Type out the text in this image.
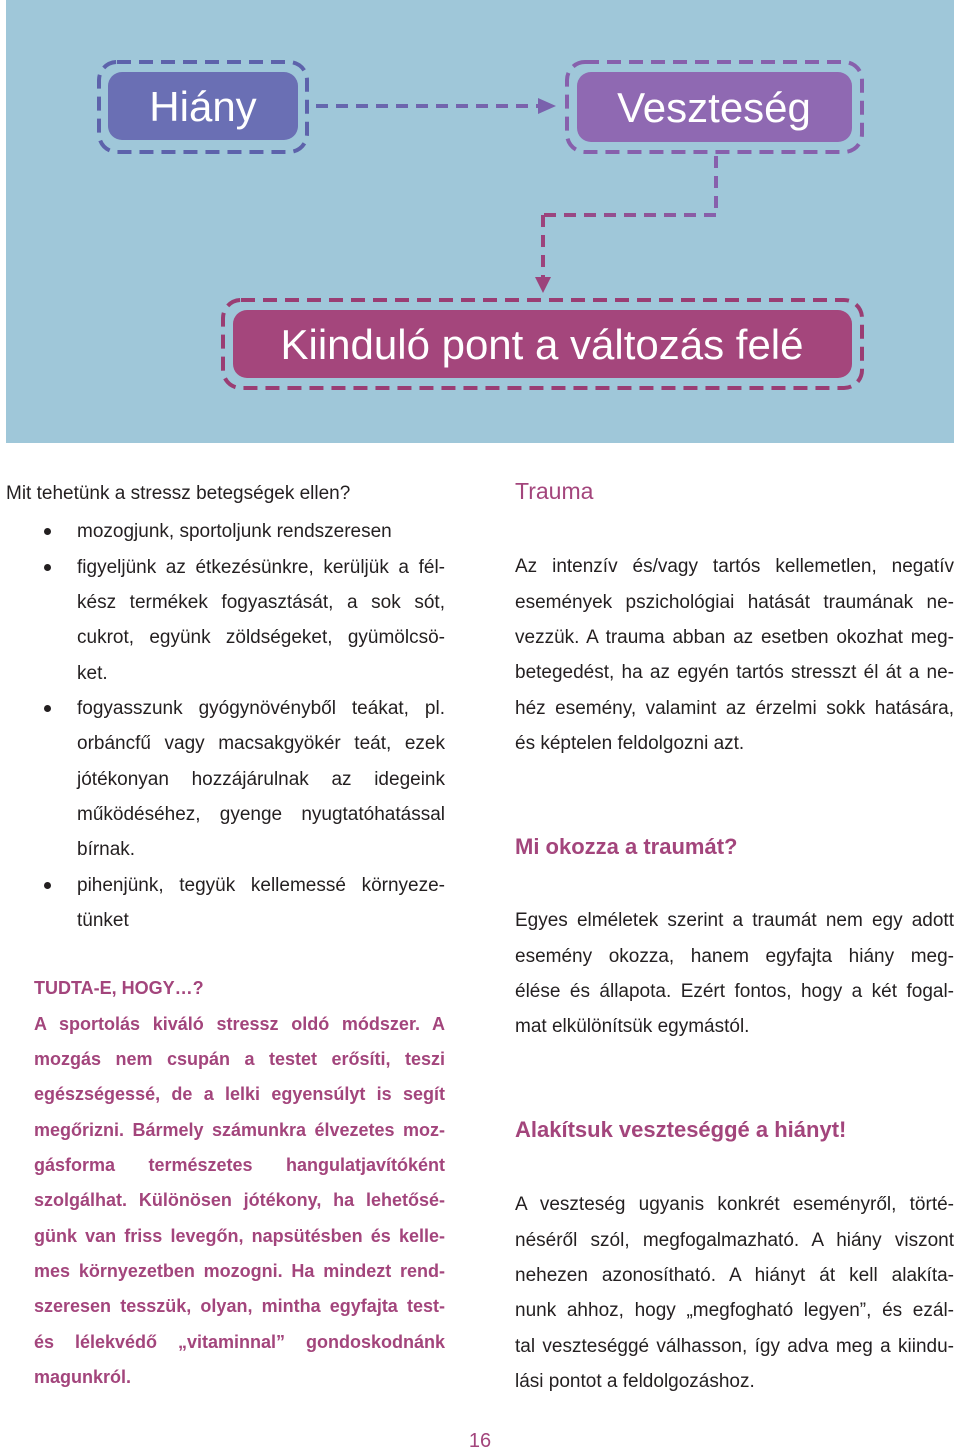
Hiány	Veszteség
Kiinduló pont a változás felé
Mit tehetünk a stressz betegségek ellen?
mozogjunk, sportoljunk rendszeresen
figyeljünk az étkezésünkre, kerüljük a fél-
kész termékek fogyasztását, a sok sót,
cukrot, együnk zöldségeket, gyümölcsö-
ket.
fogyasszunk gyógynövényből teákat, pl.
orbáncfű vagy macsakgyökér teát, ezek
jótékonyan hozzájárulnak az idegeink
működéséhez, gyenge nyugtatóhatással
bírnak.
pihenjünk, tegyük kellemessé környeze-
tünket
TUDTA-E, HOGY…?
A sportolás kiváló stressz oldó módszer. A
mozgás nem csupán a testet erősíti, teszi
egészségessé, de a lelki egyensúlyt is segít
megőrizni. Bármely számunkra élvezetes moz-
gásforma természetes hangulatjavítóként
szolgálhat. Különösen jótékony, ha lehetősé-
günk van friss levegőn, napsütésben és kelle-
mes környezetben mozogni. Ha mindezt rend-
szeresen tesszük, olyan, mintha egyfajta test-
és lélekvédő „vitaminnal” gondoskodnánk
magunkról.
Trauma
Az intenzív és/vagy tartós kellemetlen, negatív
események pszichológiai hatását traumának ne-
vezzük. A trauma abban az esetben okozhat meg-
betegedést, ha az egyén tartós stresszt él át a ne-
héz esemény, valamint az érzelmi sokk hatására,
és képtelen feldolgozni azt.
Mi okozza a traumát?
Egyes elméletek szerint a traumát nem egy adott
esemény okozza, hanem egyfajta hiány meg-
élése és állapota. Ezért fontos, hogy a két fogal-
mat elkülönítsük egymástól.
Alakítsuk veszteséggé a hiányt!
A veszteség ugyanis konkrét eseményről, törté-
néséről szól, megfogalmazható. A hiány viszont
nehezen azonosítható. A hiányt át kell alakíta-
nunk ahhoz, hogy „megfogható legyen”, és ezál-
tal veszteséggé válhasson, így adva meg a kiindu-
lási pontot a feldolgozáshoz.
16
